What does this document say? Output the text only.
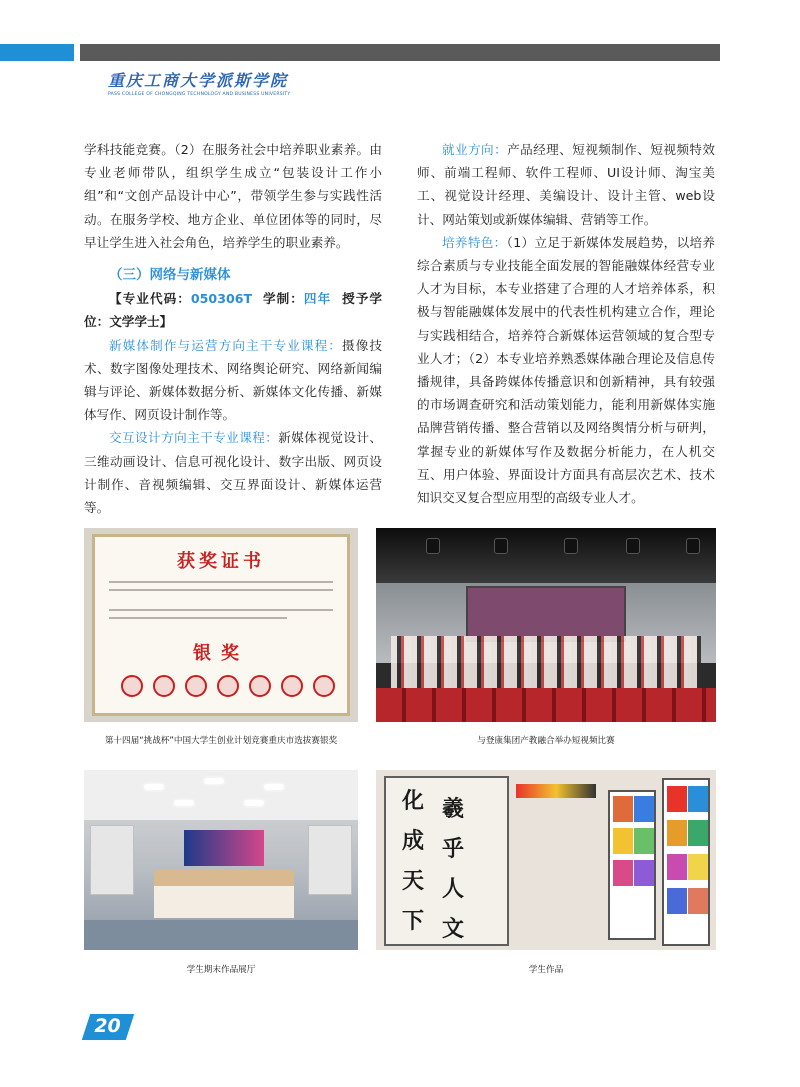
重庆工商大学派斯学院
PASS COLLEGE OF CHONGQING TECHNOLOGY AND BUSINESS UNIVERSITY

学科技能竞赛。（2）在服务社会中培养职业素养。由专业老师带队，组织学生成立“包装设计工作小组”和“文创产品设计中心”，带领学生参与实践性活动。在服务学校、地方企业、单位团体等的同时，尽早让学生进入社会角色，培养学生的职业素养。

（三）网络与新媒体

【专业代码：050306T 学制：四年 授予学位：文学学士】

新媒体制作与运营方向主干专业课程：摄像技术、数字图像处理技术、网络舆论研究、网络新闻编辑与评论、新媒体数据分析、新媒体文化传播、新媒体写作、网页设计制作等。

交互设计方向主干专业课程：新媒体视觉设计、三维动画设计、信息可视化设计、数字出版、网页设计制作、音视频编辑、交互界面设计、新媒体运营等。

就业方向：产品经理、短视频制作、短视频特效师、前端工程师、软件工程师、UI设计师、淘宝美工、视觉设计经理、美编设计、设计主管、web设计、网站策划或新媒体编辑、营销等工作。

培养特色：（1）立足于新媒体发展趋势，以培养综合素质与专业技能全面发展的智能融媒体经营专业人才为目标，本专业搭建了合理的人才培养体系，积极与智能融媒体发展中的代表性机构建立合作，理论与实践相结合，培养符合新媒体运营领域的复合型专业人才；（2）本专业培养熟悉媒体融合理论及信息传播规律，具备跨媒体传播意识和创新精神，具有较强的市场调查研究和活动策划能力，能利用新媒体实施品牌营销传播、整合营销以及网络舆情分析与研判，掌握专业的新媒体写作及数据分析能力，在人机交互、用户体验、界面设计方面具有高层次艺术、技术知识交叉复合型应用型的高级专业人才。

获奖证书
银奖
第十四届“挑战杯”中国大学生创业计划竞赛重庆市选拔赛银奖	与登康集团产教融合举办短视频比赛
学生期末作品展厅
化
成
天
下
羲
乎
人
文
学生作品
20
